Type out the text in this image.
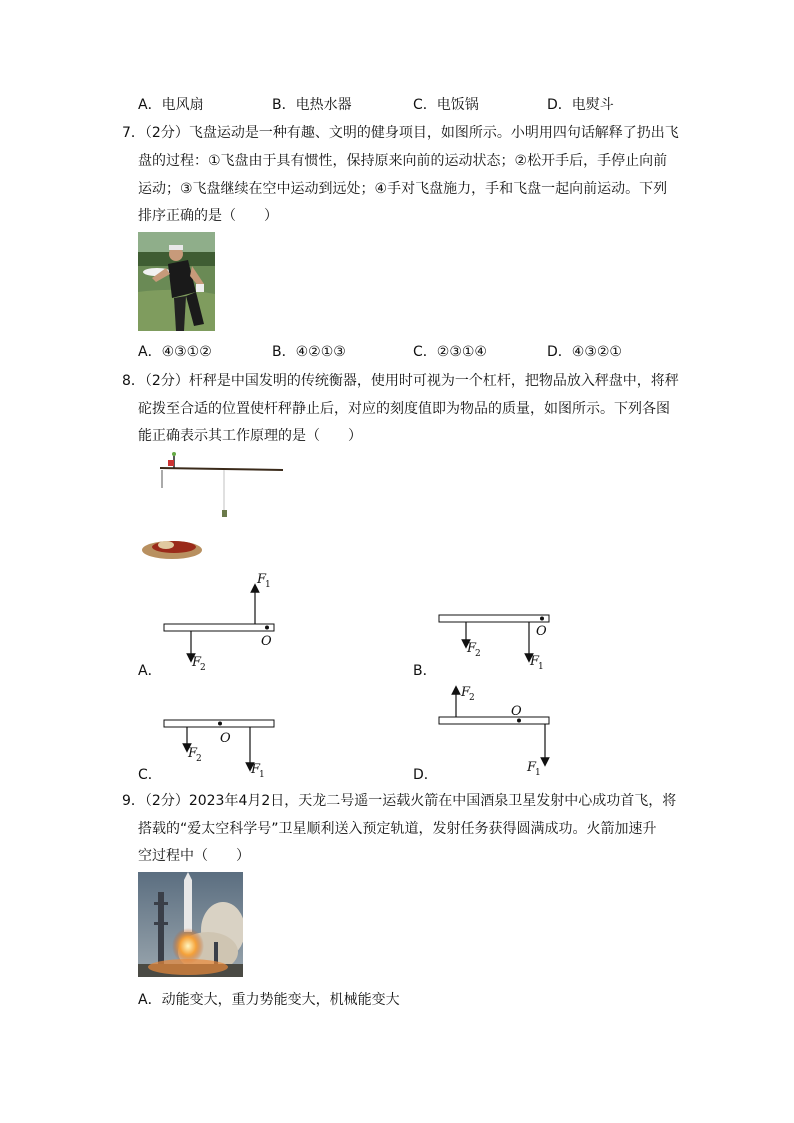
A．电风扇	B．电热水器	C．电饭锅	D．电熨斗
7．（2分）飞盘运动是一种有趣、文明的健身项目，如图所示。小明用四句话解释了扔出飞
盘的过程：①飞盘由于具有惯性，保持原来向前的运动状态；②松开手后，手停止向前
运动；③飞盘继续在空中运动到远处；④手对飞盘施力，手和飞盘一起向前运动。下列
排序正确的是（　　）
A．④③①②	B．④②①③	C．②③①④	D．④③②①
8．（2分）杆秤是中国发明的传统衡器，使用时可视为一个杠杆，把物品放入秤盘中，将秤
砣拨至合适的位置使杆秤静止后，对应的刻度值即为物品的质量，如图所示。下列各图
能正确表示其工作原理的是（　　）
O
F
1
F
2
A．
O
F
2	F
1
B．
O
F
2
F
1
C．
O
F
2
F
1
D．
9．（2分）2023年4月2日，天龙二号遥一运载火箭在中国酒泉卫星发射中心成功首飞，将
搭载的“爱太空科学号”卫星顺利送入预定轨道，发射任务获得圆满成功。火箭加速升
空过程中（　　）
A．动能变大，重力势能变大，机械能变大
